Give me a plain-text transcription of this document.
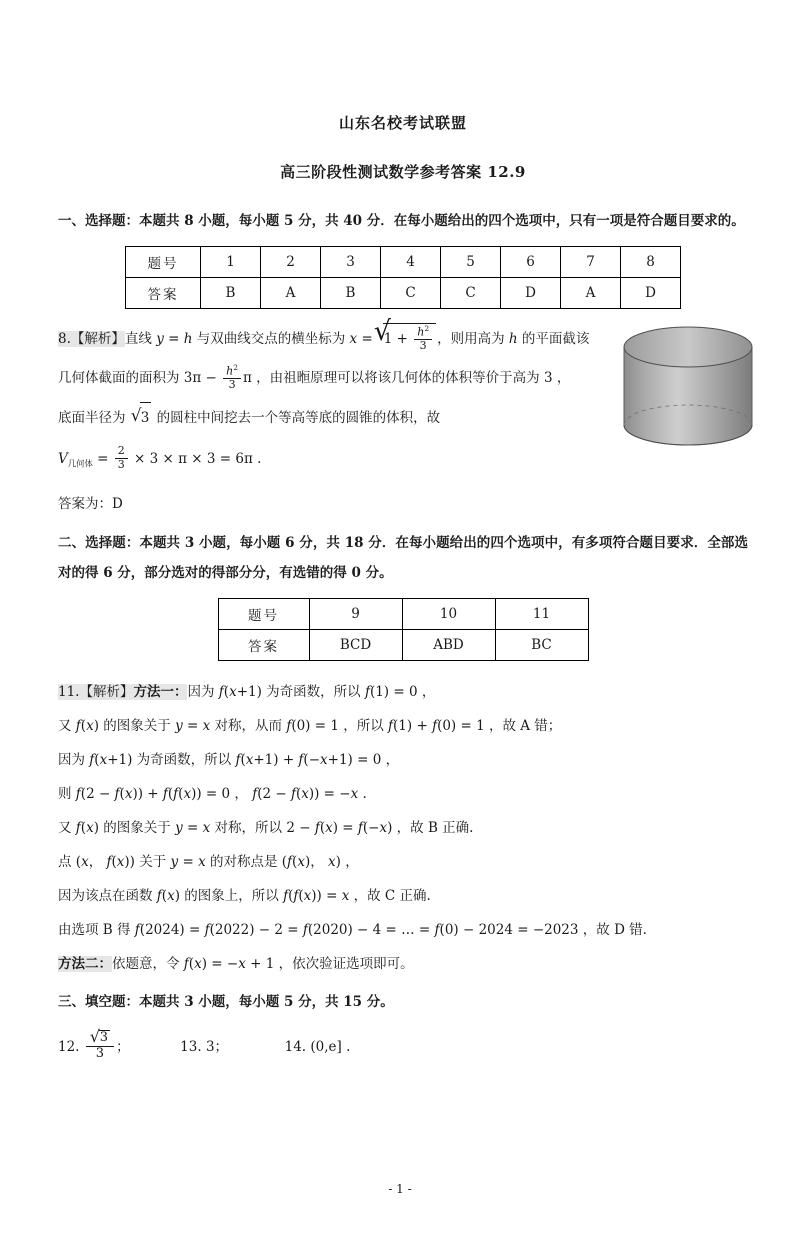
山东名校考试联盟
高三阶段性测试数学参考答案 12.9
一、选择题：本题共 8 小题，每小题 5 分，共 40 分．在每小题给出的四个选项中，只有一项是符合题目要求的。
题号	1	2	3	4	5	6	7	8
答案	B	A	B	C	C	D	A	D
8.【解析】直线 y = h 与双曲线交点的横坐标为 x = √ $1 + \frac{h^2}{3}$ ，则用高为 h 的平面截该
几何体截面的面积为 $3\pi - \frac{h^2}{3}$ π ，由祖暅原理可以将该几何体的体积等价于高为 3 ，
底面半径为 √ 3 的圆柱中间挖去一个等高等底的圆锥的体积，故
$V_{几何体} = \frac{2}{3} \times 3 \times \pi \times 3 = 6\pi$ .
答案为：D
二、选择题：本题共 3 小题，每小题 6 分，共 18 分．在每小题给出的四个选项中，有多项符合题目要求．全部选对的得 6 分，部分选对的得部分分，有选错的得 0 分。
题号	9	10	11
答案	BCD	ABD	BC
11.【解析】方法一：因为 f(x+1) 为奇函数，所以 f(1) = 0 ，
又 f(x) 的图象关于 y = x 对称，从而 f(0) = 1 ，所以 f(1) + f(0) = 1 ，故 A 错；
因为 f(x+1) 为奇函数，所以 f(x+1) + f(−x+1) = 0 ，
则 f(2 − f(x)) + f(f(x)) = 0 ， f(2 − f(x)) = −x .
又 f(x) 的图象关于 y = x 对称，所以 2 − f(x) = f(−x) ，故 B 正确.
点 (x， f(x)) 关于 y = x 的对称点是 (f(x)， x) ，
因为该点在函数 f(x) 的图象上，所以 f(f(x)) = x ，故 C 正确.
由选项 B 得 f(2024) = f(2022) − 2 = f(2020) − 4 = … = f(0) − 2024 = −2023 ，故 D 错.
方法二：依题意，令 f(x) = −x + 1 ，依次验证选项即可。
三、填空题：本题共 3 小题，每小题 5 分，共 15 分。
12. √ $\frac{3}{3}$ ；	13. 3；	14. (0,e] .
- 1 -
